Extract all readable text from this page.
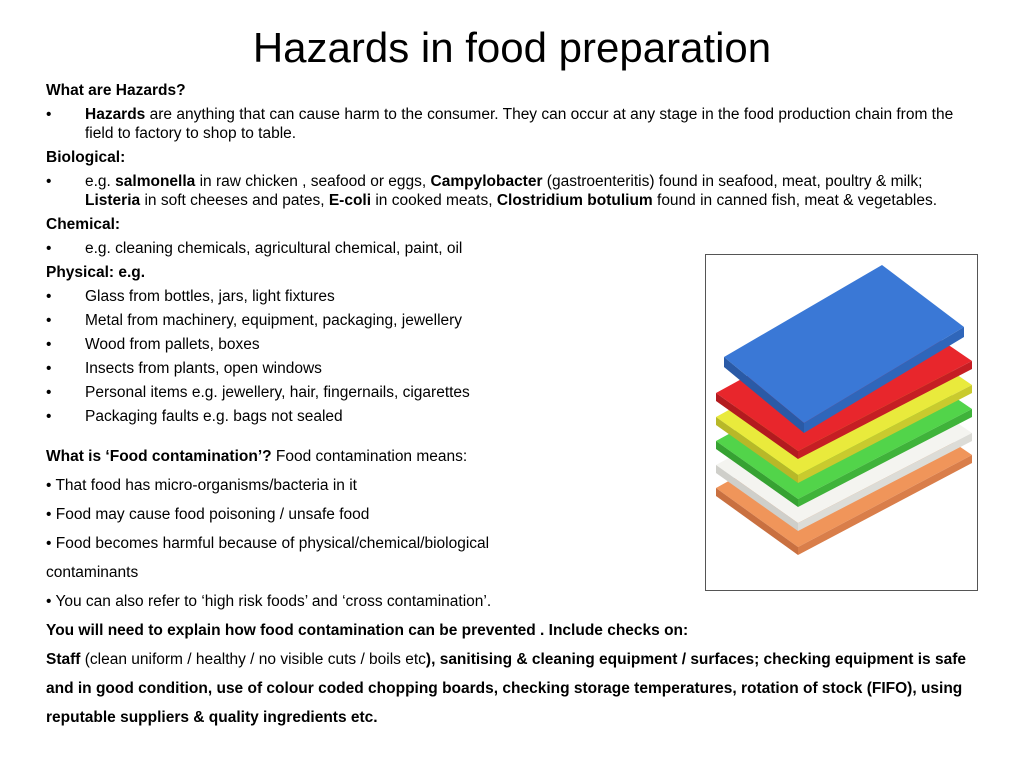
Hazards in food preparation
What are Hazards?
• Hazards are anything that can cause harm to the consumer. They can occur at any stage in the food production chain from the field to factory to shop to table.
Biological:
• e.g. salmonella in raw chicken , seafood or eggs, Campylobacter (gastroenteritis) found in seafood, meat, poultry & milk; Listeria in soft cheeses and pates, E-coli in cooked meats, Clostridium botulium found in canned fish, meat & vegetables.
Chemical:
• e.g. cleaning chemicals, agricultural chemical, paint, oil
Physical: e.g.
• Glass from bottles, jars, light fixtures
• Metal from machinery, equipment, packaging, jewellery
• Wood from pallets, boxes
• Insects from plants, open windows
• Personal items e.g. jewellery, hair, fingernails, cigarettes
• Packaging faults e.g. bags not sealed

What is ‘Food contamination’? Food contamination means:

• That food has micro-organisms/bacteria in it

• Food may cause food poisoning / unsafe food

• Food becomes harmful because of physical/chemical/biological

contaminants

• You can also refer to ‘high risk foods’ and ‘cross contamination’.

You will need to explain how food contamination can be prevented . Include checks on:

Staff (clean uniform / healthy / no visible cuts / boils etc), sanitising & cleaning equipment / surfaces; checking equipment is safe and in good condition, use of colour coded chopping boards, checking storage temperatures, rotation of stock (FIFO), using reputable suppliers & quality ingredients etc.
